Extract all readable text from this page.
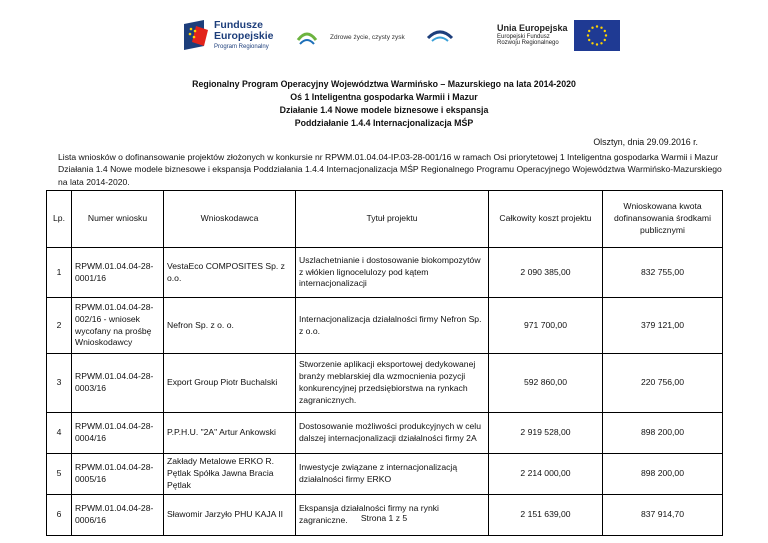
Fundusze
Europejskie
Program Regionalny
Zdrowe życie, czysty zysk
Unia Europejska
Europejski Fundusz
Rozwoju Regionalnego
Regionalny Program Operacyjny Województwa Warmińsko – Mazurskiego na lata 2014-2020
Oś 1 Inteligentna gospodarka Warmii i Mazur
Działanie 1.4 Nowe modele biznesowe i ekspansja
Poddziałanie 1.4.4 Internacjonalizacja MŚP
Olsztyn, dnia 29.09.2016 r.
Lista wniosków o dofinansowanie projektów złożonych w konkursie nr RPWM.01.04.04-IP.03-28-001/16 w ramach Osi priorytetowej 1 Inteligentna gospodarka Warmii i Mazur Działania 1.4 Nowe modele biznesowe i ekspansja Poddziałania 1.4.4 Internacjonalizacja MŚP Regionalnego Programu Operacyjnego Województwa Warmińsko-Mazurskiego na lata 2014-2020.
Lp.	Numer wniosku	Wnioskodawca	Tytuł projektu	Całkowity koszt projektu	Wnioskowana kwota dofinansowania środkami publicznymi
1	RPWM.01.04.04-28-0001/16	VestaEco COMPOSITES Sp. z o.o.	Uszlachetnianie i dostosowanie biokompozytów z włókien lignocelulozy pod kątem internacjonalizacji	2 090 385,00	832 755,00
2	RPWM.01.04.04-28-002/16 - wniosek wycofany na prośbę Wnioskodawcy	Nefron Sp. z o. o.	Internacjonalizacja działalności firmy Nefron Sp. z o.o.	971 700,00	379 121,00
3	RPWM.01.04.04-28-0003/16	Export Group Piotr Buchalski	Stworzenie aplikacji eksportowej dedykowanej branży meblarskiej dla wzmocnienia pozycji konkurencyjnej przedsiębiorstwa na rynkach zagranicznych.	592 860,00	220 756,00
4	RPWM.01.04.04-28-0004/16	P.P.H.U. "2A" Artur Ankowski	Dostosowanie możliwości produkcyjnych w celu dalszej internacjonalizacji działalności firmy 2A	2 919 528,00	898 200,00
5	RPWM.01.04.04-28-0005/16	Zakłady Metalowe ERKO R. Pętlak Spółka Jawna Bracia Pętlak	Inwestycje związane z internacjonalizacją działalności firmy ERKO	2 214 000,00	898 200,00
6	RPWM.01.04.04-28-0006/16	Sławomir Jarzyło PHU KAJA II	Ekspansja działalności firmy na rynki zagraniczne.	2 151 639,00	837 914,70
Strona 1 z 5
